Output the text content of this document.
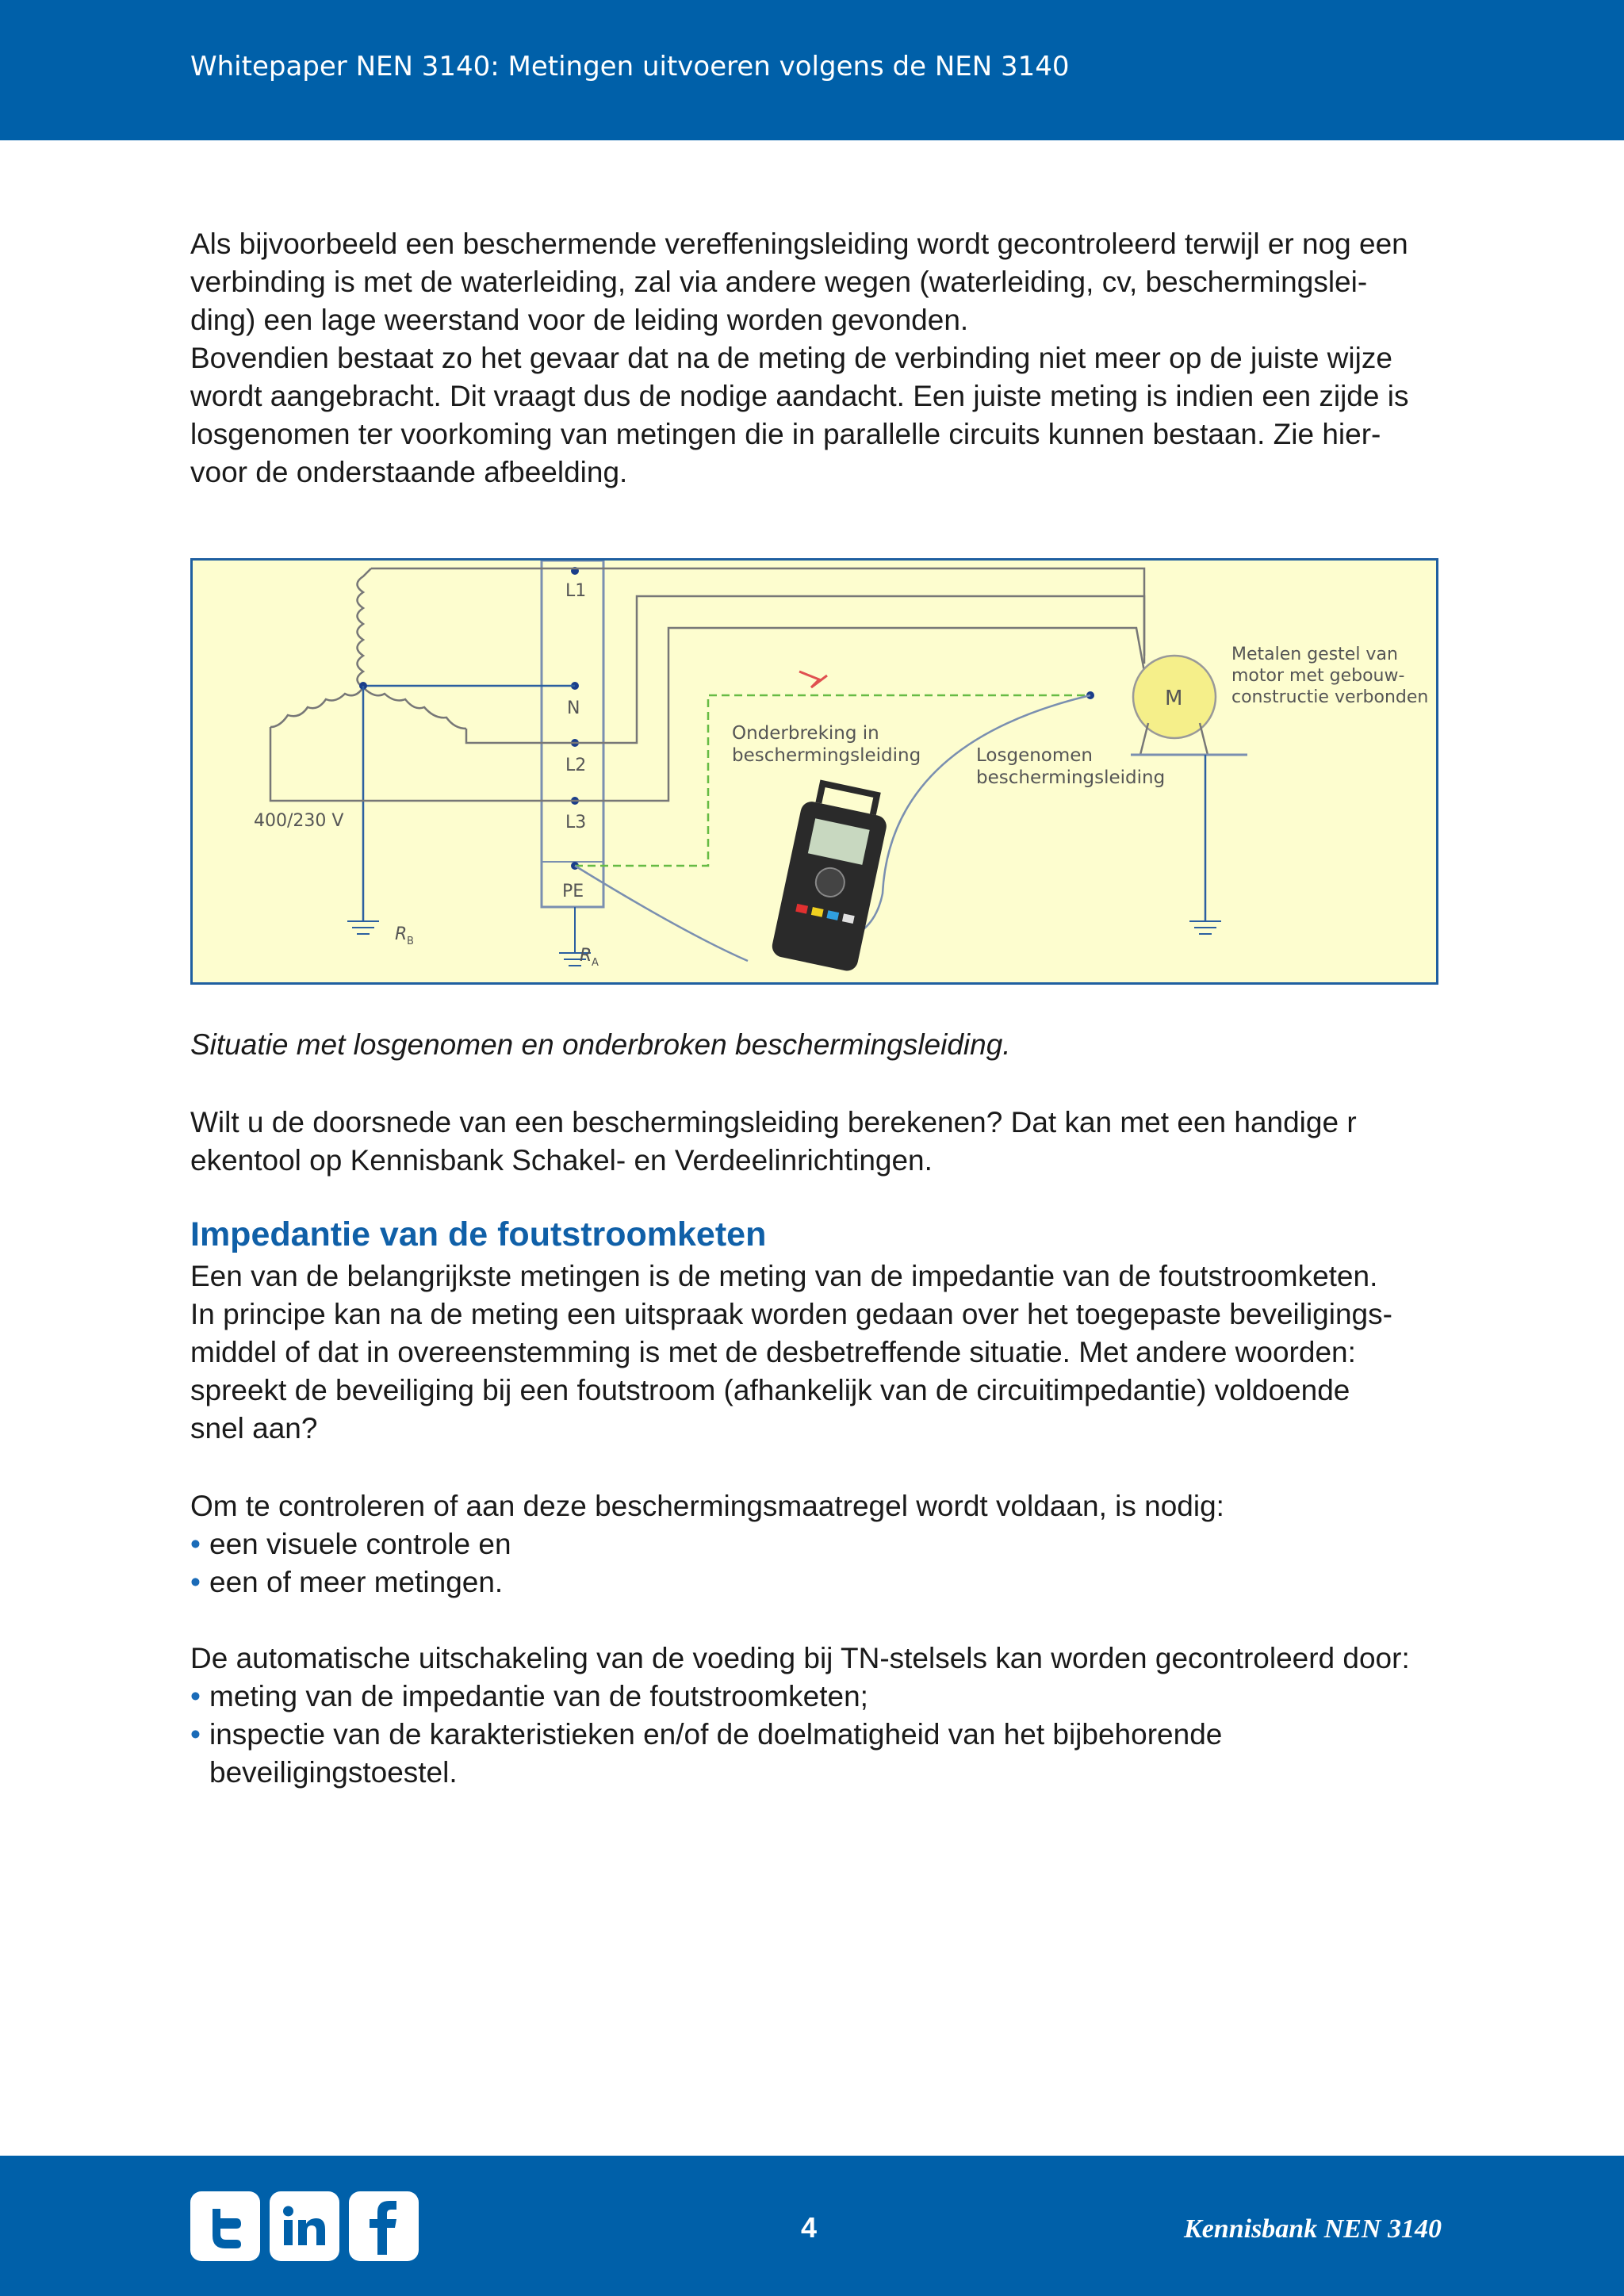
Whitepaper NEN 3140: Metingen uitvoeren volgens de NEN 3140

Als bijvoorbeeld een beschermende vereffeningsleiding wordt gecontroleerd terwijl er nog een

verbinding is met de waterleiding, zal via andere wegen (waterleiding, cv, beschermingslei-

ding) een lage weerstand voor de leiding worden gevonden.

Bovendien bestaat zo het gevaar dat na de meting de verbinding niet meer op de juiste wijze

wordt aangebracht. Dit vraagt dus de nodige aandacht. Een juiste meting is indien een zijde is

losgenomen ter voorkoming van metingen die in parallelle circuits kunnen bestaan. Zie hier-

voor de onderstaande afbeelding.

L1
N
L2
L3
PE
M
400/230 V
R B
R A
Onderbreking in
beschermingsleiding	Losgenomen
beschermingsleiding
Metalen gestel van
motor met gebouw-
constructie verbonden
Situatie met losgenomen en onderbroken beschermingsleiding.

Wilt u de doorsnede van een beschermingsleiding berekenen? Dat kan met een handige r

ekentool op Kennisbank Schakel- en Verdeelinrichtingen.

Impedantie van de foutstroomketen

Een van de belangrijkste metingen is de meting van de impedantie van de foutstroomketen.

In principe kan na de meting een uitspraak worden gedaan over het toegepaste beveiligings-

middel of dat in overeenstemming is met de desbetreffende situatie. Met andere woorden:

spreekt de beveiliging bij een foutstroom (afhankelijk van de circuitimpedantie) voldoende

snel aan?

Om te controleren of aan deze beschermingsmaatregel wordt voldaan, is nodig:

• een visuele controle en
• een of meer metingen.

De automatische uitschakeling van de voeding bij TN-stelsels kan worden gecontroleerd door:

• meting van de impedantie van de foutstroomketen;
• inspectie van de karakteristieken en/of de doelmatigheid van het bijbehorende
beveiligingstoestel.
4	Kennisbank NEN 3140
